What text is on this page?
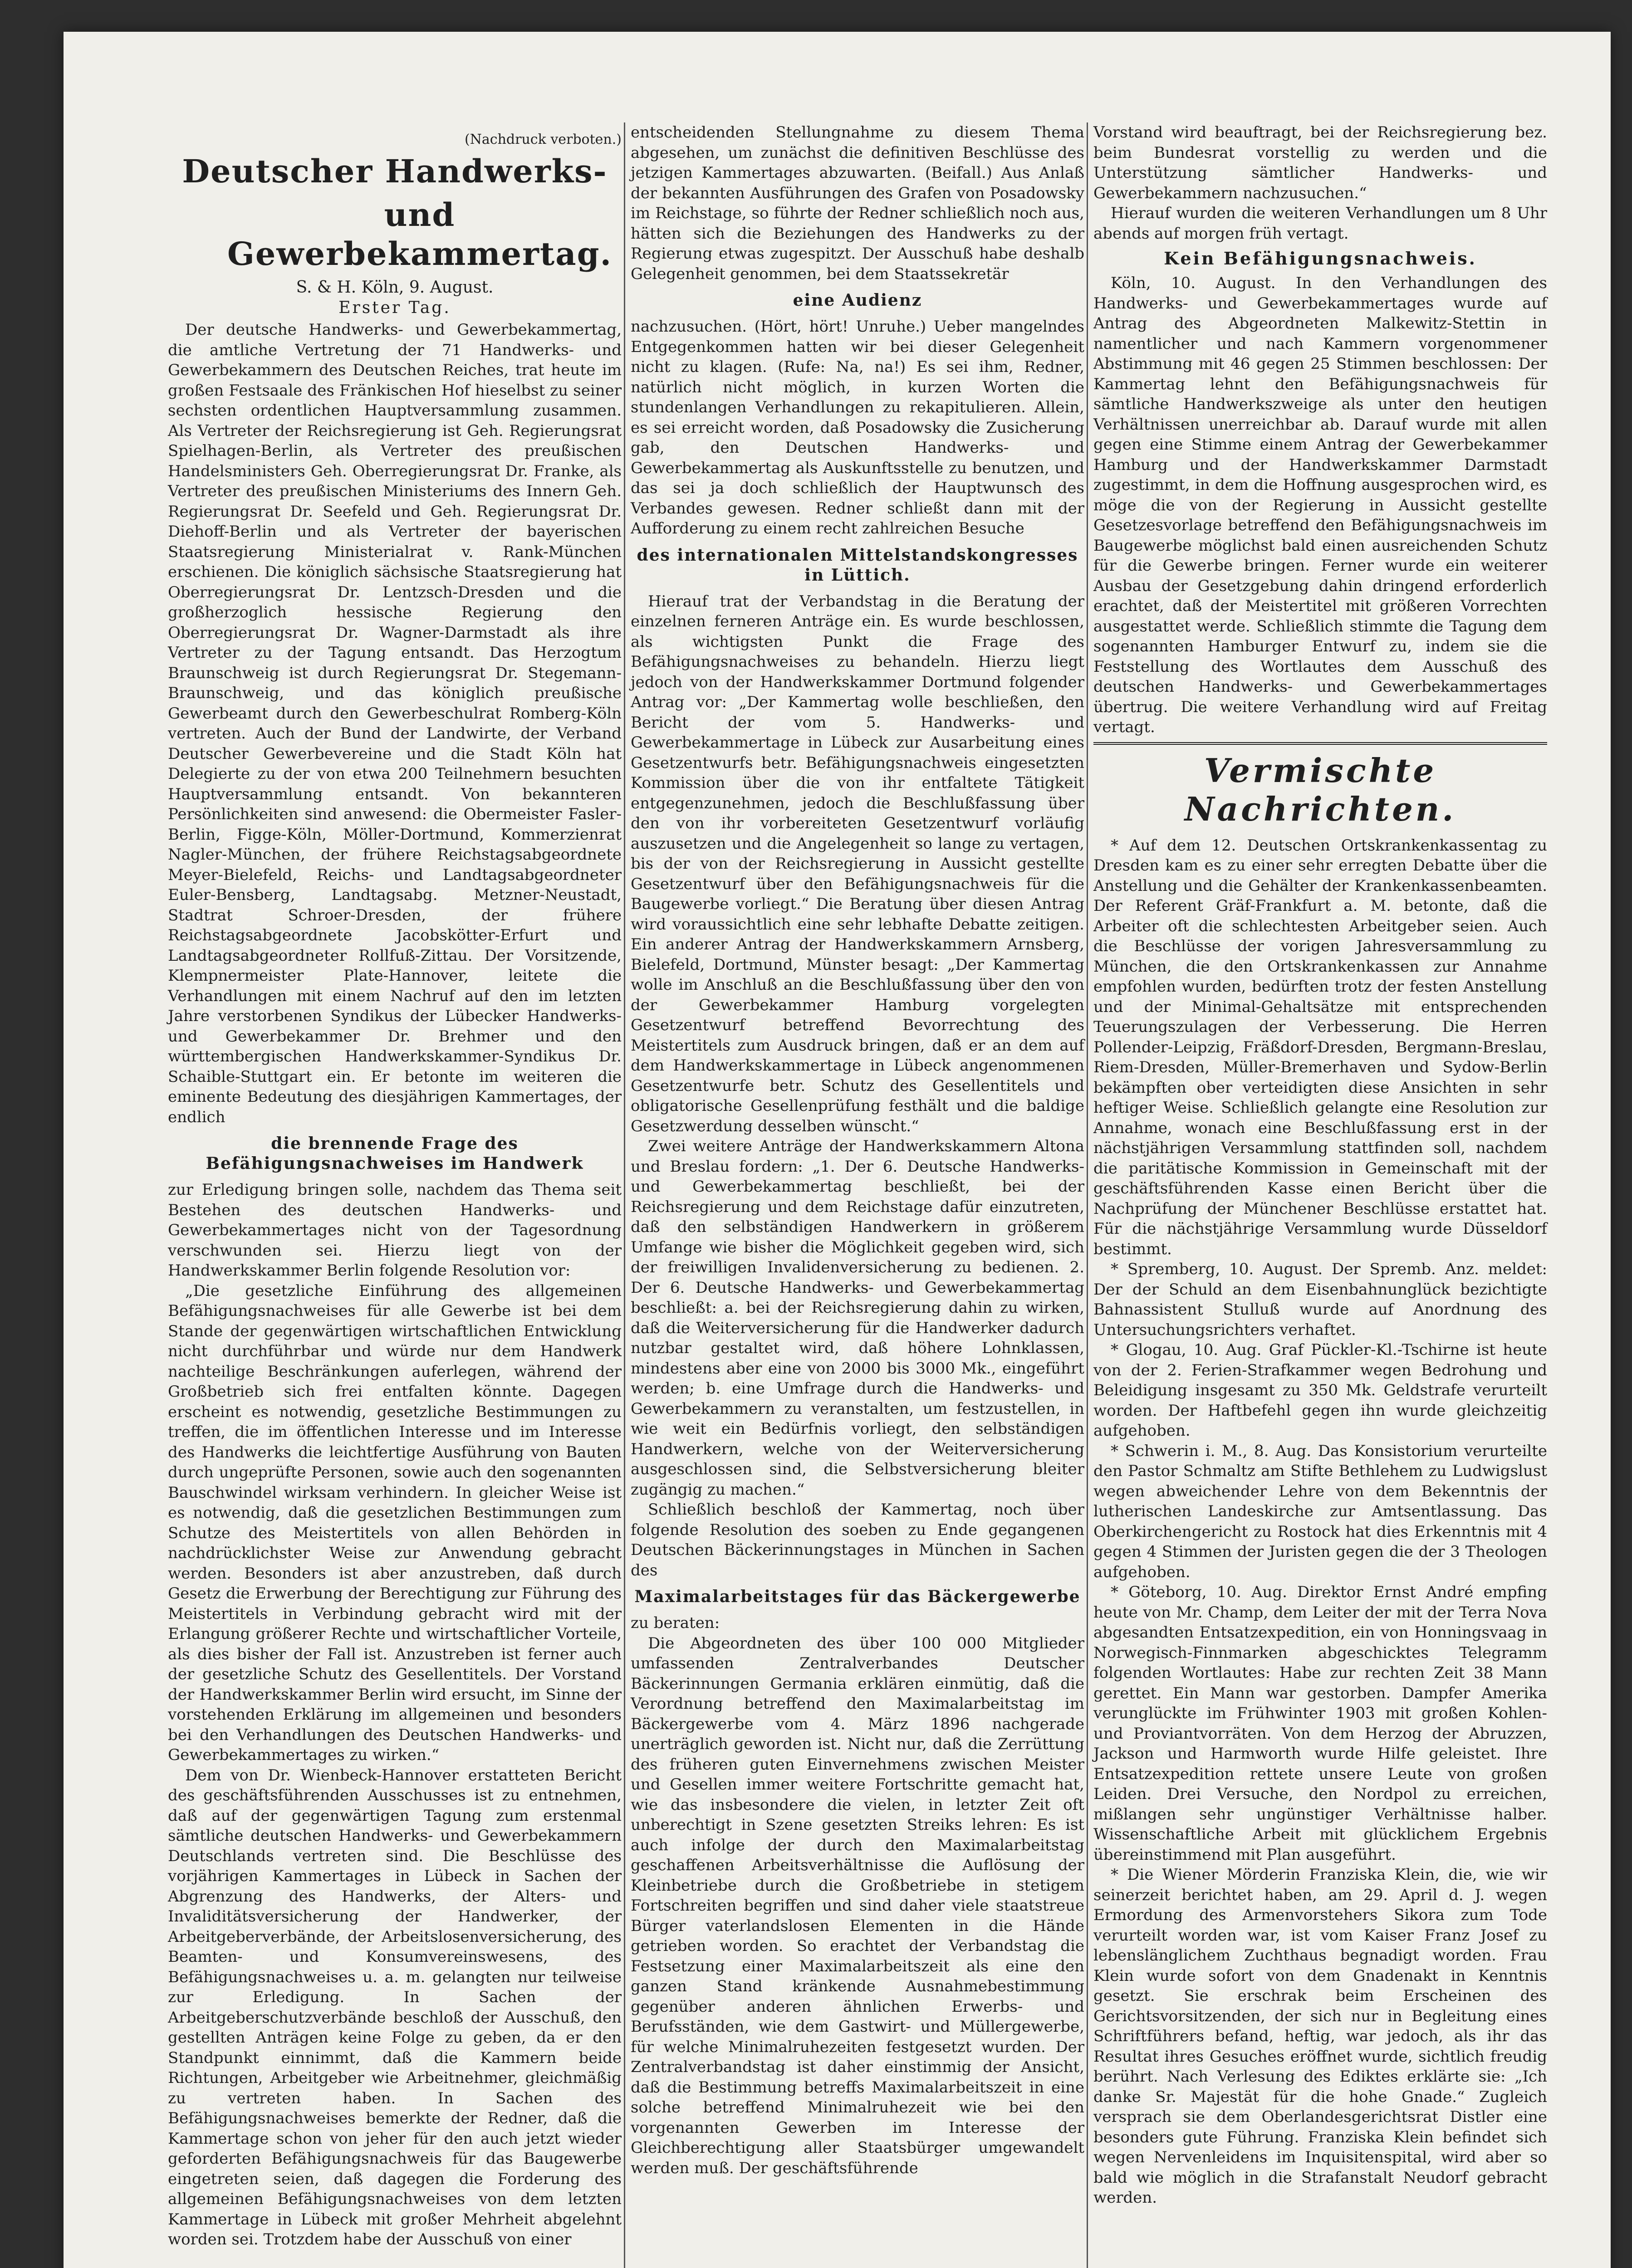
(Nachdruck verboten.)

Deutscher Handwerks-
und Gewerbekammertag.
S. & H. Köln, 9. August.
Erster Tag.

Der deutsche Handwerks- und Gewerbekammertag, die amtliche Vertretung der 71 Handwerks- und Gewerbekammern des Deutschen Reiches, trat heute im großen Festsaale des Fränkischen Hof hieselbst zu seiner sechsten ordentlichen Hauptversammlung zusammen. Als Vertreter der Reichsregierung ist Geh. Regierungsrat Spielhagen-Berlin, als Vertreter des preußischen Handelsministers Geh. Oberregierungsrat Dr. Franke, als Vertreter des preußischen Ministeriums des Innern Geh. Regierungsrat Dr. Seefeld und Geh. Regierungsrat Dr. Diehoff-Berlin und als Vertreter der bayerischen Staatsregierung Ministerialrat v. Rank-München erschienen. Die königlich sächsische Staatsregierung hat Oberregierungsrat Dr. Lentzsch-Dresden und die großherzoglich hessische Regierung den Oberregierungsrat Dr. Wagner-Darmstadt als ihre Vertreter zu der Tagung entsandt. Das Herzogtum Braunschweig ist durch Regierungsrat Dr. Stegemann-Braunschweig, und das königlich preußische Gewerbeamt durch den Gewerbeschulrat Romberg-Köln vertreten. Auch der Bund der Landwirte, der Verband Deutscher Gewerbevereine und die Stadt Köln hat Delegierte zu der von etwa 200 Teilnehmern besuchten Hauptversammlung entsandt. Von bekannteren Persönlichkeiten sind anwesend: die Obermeister Fasler-Berlin, Figge-Köln, Möller-Dortmund, Kommerzienrat Nagler-München, der frühere Reichstagsabgeordnete Meyer-Bielefeld, Reichs- und Landtagsabgeordneter Euler-Bensberg, Landtagsabg. Metzner-Neustadt, Stadtrat Schroer-Dresden, der frühere Reichstagsabgeordnete Jacobskötter-Erfurt und Landtagsabgeordneter Rollfuß-Zittau. Der Vorsitzende, Klempnermeister Plate-Hannover, leitete die Verhandlungen mit einem Nachruf auf den im letzten Jahre verstorbenen Syndikus der Lübecker Handwerks- und Gewerbekammer Dr. Brehmer und den württembergischen Handwerkskammer-Syndikus Dr. Schaible-Stuttgart ein. Er betonte im weiteren die eminente Bedeutung des diesjährigen Kammertages, der endlich

die brennende Frage des Befähigungsnachweises im Handwerk

zur Erledigung bringen solle, nachdem das Thema seit Bestehen des deutschen Handwerks- und Gewerbekammertages nicht von der Tagesordnung verschwunden sei. Hierzu liegt von der Handwerkskammer Berlin folgende Resolution vor:

„Die gesetzliche Einführung des allgemeinen Befähigungsnachweises für alle Gewerbe ist bei dem Stande der gegenwärtigen wirtschaftlichen Entwicklung nicht durchführbar und würde nur dem Handwerk nachteilige Beschränkungen auferlegen, während der Großbetrieb sich frei entfalten könnte. Dagegen erscheint es notwendig, gesetzliche Bestimmungen zu treffen, die im öffentlichen Interesse und im Interesse des Handwerks die leichtfertige Ausführung von Bauten durch ungeprüfte Personen, sowie auch den sogenannten Bauschwindel wirksam verhindern. In gleicher Weise ist es notwendig, daß die gesetzlichen Bestimmungen zum Schutze des Meistertitels von allen Behörden in nachdrücklichster Weise zur Anwendung gebracht werden. Besonders ist aber anzustreben, daß durch Gesetz die Erwerbung der Berechtigung zur Führung des Meistertitels in Verbindung gebracht wird mit der Erlangung größerer Rechte und wirtschaftlicher Vorteile, als dies bisher der Fall ist. Anzustreben ist ferner auch der gesetzliche Schutz des Gesellentitels. Der Vorstand der Handwerkskammer Berlin wird ersucht, im Sinne der vorstehenden Erklärung im allgemeinen und besonders bei den Verhandlungen des Deutschen Handwerks- und Gewerbekammertages zu wirken.“

Dem von Dr. Wienbeck-Hannover erstatteten Bericht des geschäftsführenden Ausschusses ist zu entnehmen, daß auf der gegenwärtigen Tagung zum erstenmal sämtliche deutschen Handwerks- und Gewerbekammern Deutschlands vertreten sind. Die Beschlüsse des vorjährigen Kammertages in Lübeck in Sachen der Abgrenzung des Handwerks, der Alters- und Invaliditätsversicherung der Handwerker, der Arbeitgeberverbände, der Arbeitslosenversicherung, des Beamten- und Konsumvereinswesens, des Befähigungsnachweises u. a. m. gelangten nur teilweise zur Erledigung. In Sachen der Arbeitgeberschutzverbände beschloß der Ausschuß, den gestellten Anträgen keine Folge zu geben, da er den Standpunkt einnimmt, daß die Kammern beide Richtungen, Arbeitgeber wie Arbeitnehmer, gleichmäßig zu vertreten haben. In Sachen des Befähigungsnachweises bemerkte der Redner, daß die Kammertage schon von jeher für den auch jetzt wieder geforderten Befähigungsnachweis für das Baugewerbe eingetreten seien, daß dagegen die Forderung des allgemeinen Befähigungsnachweises von dem letzten Kammertage in Lübeck mit großer Mehrheit abgelehnt worden sei. Trotzdem habe der Ausschuß von einer

entscheidenden Stellungnahme zu diesem Thema abgesehen, um zunächst die definitiven Beschlüsse des jetzigen Kammertages abzuwarten. (Beifall.) Aus Anlaß der bekannten Ausführungen des Grafen von Posadowsky im Reichstage, so führte der Redner schließlich noch aus, hätten sich die Beziehungen des Handwerks zu der Regierung etwas zugespitzt. Der Ausschuß habe deshalb Gelegenheit genommen, bei dem Staatssekretär

eine Audienz

nachzusuchen. (Hört, hört! Unruhe.) Ueber mangelndes Entgegenkommen hatten wir bei dieser Gelegenheit nicht zu klagen. (Rufe: Na, na!) Es sei ihm, Redner, natürlich nicht möglich, in kurzen Worten die stundenlangen Verhandlungen zu rekapitulieren. Allein, es sei erreicht worden, daß Posadowsky die Zusicherung gab, den Deutschen Handwerks- und Gewerbekammertag als Auskunftsstelle zu benutzen, und das sei ja doch schließlich der Hauptwunsch des Verbandes gewesen. Redner schließt dann mit der Aufforderung zu einem recht zahlreichen Besuche

des internationalen Mittelstandskongresses in Lüttich.

Hierauf trat der Verbandstag in die Beratung der einzelnen ferneren Anträge ein. Es wurde beschlossen, als wichtigsten Punkt die Frage des Befähigungsnachweises zu behandeln. Hierzu liegt jedoch von der Handwerkskammer Dortmund folgender Antrag vor: „Der Kammertag wolle beschließen, den Bericht der vom 5. Handwerks- und Gewerbekammertage in Lübeck zur Ausarbeitung eines Gesetzentwurfs betr. Befähigungsnachweis eingesetzten Kommission über die von ihr entfaltete Tätigkeit entgegenzunehmen, jedoch die Beschlußfassung über den von ihr vorbereiteten Gesetzentwurf vorläufig auszusetzen und die Angelegenheit so lange zu vertagen, bis der von der Reichsregierung in Aussicht gestellte Gesetzentwurf über den Befähigungsnachweis für die Baugewerbe vorliegt.“ Die Beratung über diesen Antrag wird voraussichtlich eine sehr lebhafte Debatte zeitigen. Ein anderer Antrag der Handwerkskammern Arnsberg, Bielefeld, Dortmund, Münster besagt: „Der Kammertag wolle im Anschluß an die Beschlußfassung über den von der Gewerbekammer Hamburg vorgelegten Gesetzentwurf betreffend Bevorrechtung des Meistertitels zum Ausdruck bringen, daß er an dem auf dem Handwerkskammertage in Lübeck angenommenen Gesetzentwurfe betr. Schutz des Gesellentitels und obligatorische Gesellenprüfung festhält und die baldige Gesetzwerdung desselben wünscht.“

Zwei weitere Anträge der Handwerkskammern Altona und Breslau fordern: „1. Der 6. Deutsche Handwerks- und Gewerbekammertag beschließt, bei der Reichsregierung und dem Reichstage dafür einzutreten, daß den selbständigen Handwerkern in größerem Umfange wie bisher die Möglichkeit gegeben wird, sich der freiwilligen Invalidenversicherung zu bedienen. 2. Der 6. Deutsche Handwerks- und Gewerbekammertag beschließt: a. bei der Reichsregierung dahin zu wirken, daß die Weiterversicherung für die Handwerker dadurch nutzbar gestaltet wird, daß höhere Lohnklassen, mindestens aber eine von 2000 bis 3000 Mk., eingeführt werden; b. eine Umfrage durch die Handwerks- und Gewerbekammern zu veranstalten, um festzustellen, in wie weit ein Bedürfnis vorliegt, den selbständigen Handwerkern, welche von der Weiterversicherung ausgeschlossen sind, die Selbstversicherung bleiter zugängig zu machen.“

Schließlich beschloß der Kammertag, noch über folgende Resolution des soeben zu Ende gegangenen Deutschen Bäckerinnungstages in München in Sachen des

Maximalarbeitstages für das Bäckergewerbe

zu beraten:

Die Abgeordneten des über 100 000 Mitglieder umfassenden Zentralverbandes Deutscher Bäckerinnungen Germania erklären einmütig, daß die Verordnung betreffend den Maximalarbeitstag im Bäckergewerbe vom 4. März 1896 nachgerade unerträglich geworden ist. Nicht nur, daß die Zerrüttung des früheren guten Einvernehmens zwischen Meister und Gesellen immer weitere Fortschritte gemacht hat, wie das insbesondere die vielen, in letzter Zeit oft unberechtigt in Szene gesetzten Streiks lehren: Es ist auch infolge der durch den Maximalarbeitstag geschaffenen Arbeitsverhältnisse die Auflösung der Kleinbetriebe durch die Großbetriebe in stetigem Fortschreiten begriffen und sind daher viele staatstreue Bürger vaterlandslosen Elementen in die Hände getrieben worden. So erachtet der Verbandstag die Festsetzung einer Maximalarbeitszeit als eine den ganzen Stand kränkende Ausnahmebestimmung gegenüber anderen ähnlichen Erwerbs- und Berufsständen, wie dem Gastwirt- und Müllergewerbe, für welche Minimalruhezeiten festgesetzt wurden. Der Zentralverbandstag ist daher einstimmig der Ansicht, daß die Bestimmung betreffs Maximalarbeitszeit in eine solche betreffend Minimalruhezeit wie bei den vorgenannten Gewerben im Interesse der Gleichberechtigung aller Staatsbürger umgewandelt werden muß. Der geschäftsführende

Vorstand wird beauftragt, bei der Reichsregierung bez. beim Bundesrat vorstellig zu werden und die Unterstützung sämtlicher Handwerks- und Gewerbekammern nachzusuchen.“

Hierauf wurden die weiteren Verhandlungen um 8 Uhr abends auf morgen früh vertagt.

Kein Befähigungsnachweis.

Köln, 10. August. In den Verhandlungen des Handwerks- und Gewerbekammertages wurde auf Antrag des Abgeordneten Malkewitz-Stettin in namentlicher und nach Kammern vorgenommener Abstimmung mit 46 gegen 25 Stimmen beschlossen: Der Kammertag lehnt den Befähigungsnachweis für sämtliche Handwerkszweige als unter den heutigen Verhältnissen unerreichbar ab. Darauf wurde mit allen gegen eine Stimme einem Antrag der Gewerbekammer Hamburg und der Handwerkskammer Darmstadt zugestimmt, in dem die Hoffnung ausgesprochen wird, es möge die von der Regierung in Aussicht gestellte Gesetzesvorlage betreffend den Befähigungsnachweis im Baugewerbe möglichst bald einen ausreichenden Schutz für die Gewerbe bringen. Ferner wurde ein weiterer Ausbau der Gesetzgebung dahin dringend erforderlich erachtet, daß der Meistertitel mit größeren Vorrechten ausgestattet werde. Schließlich stimmte die Tagung dem sogenannten Hamburger Entwurf zu, indem sie die Feststellung des Wortlautes dem Ausschuß des deutschen Handwerks- und Gewerbekammertages übertrug. Die weitere Verhandlung wird auf Freitag vertagt.

Vermischte Nachrichten.

* Auf dem 12. Deutschen Ortskrankenkassentag zu Dresden kam es zu einer sehr erregten Debatte über die Anstellung und die Gehälter der Krankenkassenbeamten. Der Referent Gräf-Frankfurt a. M. betonte, daß die Arbeiter oft die schlechtesten Arbeitgeber seien. Auch die Beschlüsse der vorigen Jahresversammlung zu München, die den Ortskrankenkassen zur Annahme empfohlen wurden, bedürften trotz der festen Anstellung und der Minimal-Gehaltsätze mit entsprechenden Teuerungszulagen der Verbesserung. Die Herren Pollender-Leipzig, Fräßdorf-Dresden, Bergmann-Breslau, Riem-Dresden, Müller-Bremerhaven und Sydow-Berlin bekämpften ober verteidigten diese Ansichten in sehr heftiger Weise. Schließlich gelangte eine Resolution zur Annahme, wonach eine Beschlußfassung erst in der nächstjährigen Versammlung stattfinden soll, nachdem die paritätische Kommission in Gemeinschaft mit der geschäftsführenden Kasse einen Bericht über die Nachprüfung der Münchener Beschlüsse erstattet hat. Für die nächstjährige Versammlung wurde Düsseldorf bestimmt.

* Spremberg, 10. August. Der Spremb. Anz. meldet: Der der Schuld an dem Eisenbahnunglück bezichtigte Bahnassistent Stulluß wurde auf Anordnung des Untersuchungsrichters verhaftet.

* Glogau, 10. Aug. Graf Pückler-Kl.-Tschirne ist heute von der 2. Ferien-Strafkammer wegen Bedrohung und Beleidigung insgesamt zu 350 Mk. Geldstrafe verurteilt worden. Der Haftbefehl gegen ihn wurde gleichzeitig aufgehoben.

* Schwerin i. M., 8. Aug. Das Konsistorium verurteilte den Pastor Schmaltz am Stifte Bethlehem zu Ludwigslust wegen abweichender Lehre von dem Bekenntnis der lutherischen Landeskirche zur Amtsentlassung. Das Oberkirchengericht zu Rostock hat dies Erkenntnis mit 4 gegen 4 Stimmen der Juristen gegen die der 3 Theologen aufgehoben.

* Göteborg, 10. Aug. Direktor Ernst André empfing heute von Mr. Champ, dem Leiter der mit der Terra Nova abgesandten Entsatzexpedition, ein von Honningsvaag in Norwegisch-Finnmarken abgeschicktes Telegramm folgenden Wortlautes: Habe zur rechten Zeit 38 Mann gerettet. Ein Mann war gestorben. Dampfer Amerika verunglückte im Frühwinter 1903 mit großen Kohlen- und Proviantvorräten. Von dem Herzog der Abruzzen, Jackson und Harmworth wurde Hilfe geleistet. Ihre Entsatzexpedition rettete unsere Leute von großen Leiden. Drei Versuche, den Nordpol zu erreichen, mißlangen sehr ungünstiger Verhältnisse halber. Wissenschaftliche Arbeit mit glücklichem Ergebnis übereinstimmend mit Plan ausgeführt.

* Die Wiener Mörderin Franziska Klein, die, wie wir seinerzeit berichtet haben, am 29. April d. J. wegen Ermordung des Armenvorstehers Sikora zum Tode verurteilt worden war, ist vom Kaiser Franz Josef zu lebenslänglichem Zuchthaus begnadigt worden. Frau Klein wurde sofort von dem Gnadenakt in Kenntnis gesetzt. Sie erschrak beim Erscheinen des Gerichtsvorsitzenden, der sich nur in Begleitung eines Schriftführers befand, heftig, war jedoch, als ihr das Resultat ihres Gesuches eröffnet wurde, sichtlich freudig berührt. Nach Verlesung des Ediktes erklärte sie: „Ich danke Sr. Majestät für die hohe Gnade.“ Zugleich versprach sie dem Oberlandesgerichtsrat Distler eine besonders gute Führung. Franziska Klein befindet sich wegen Nervenleidens im Inquisitenspital, wird aber so bald wie möglich in die Strafanstalt Neudorf gebracht werden.
